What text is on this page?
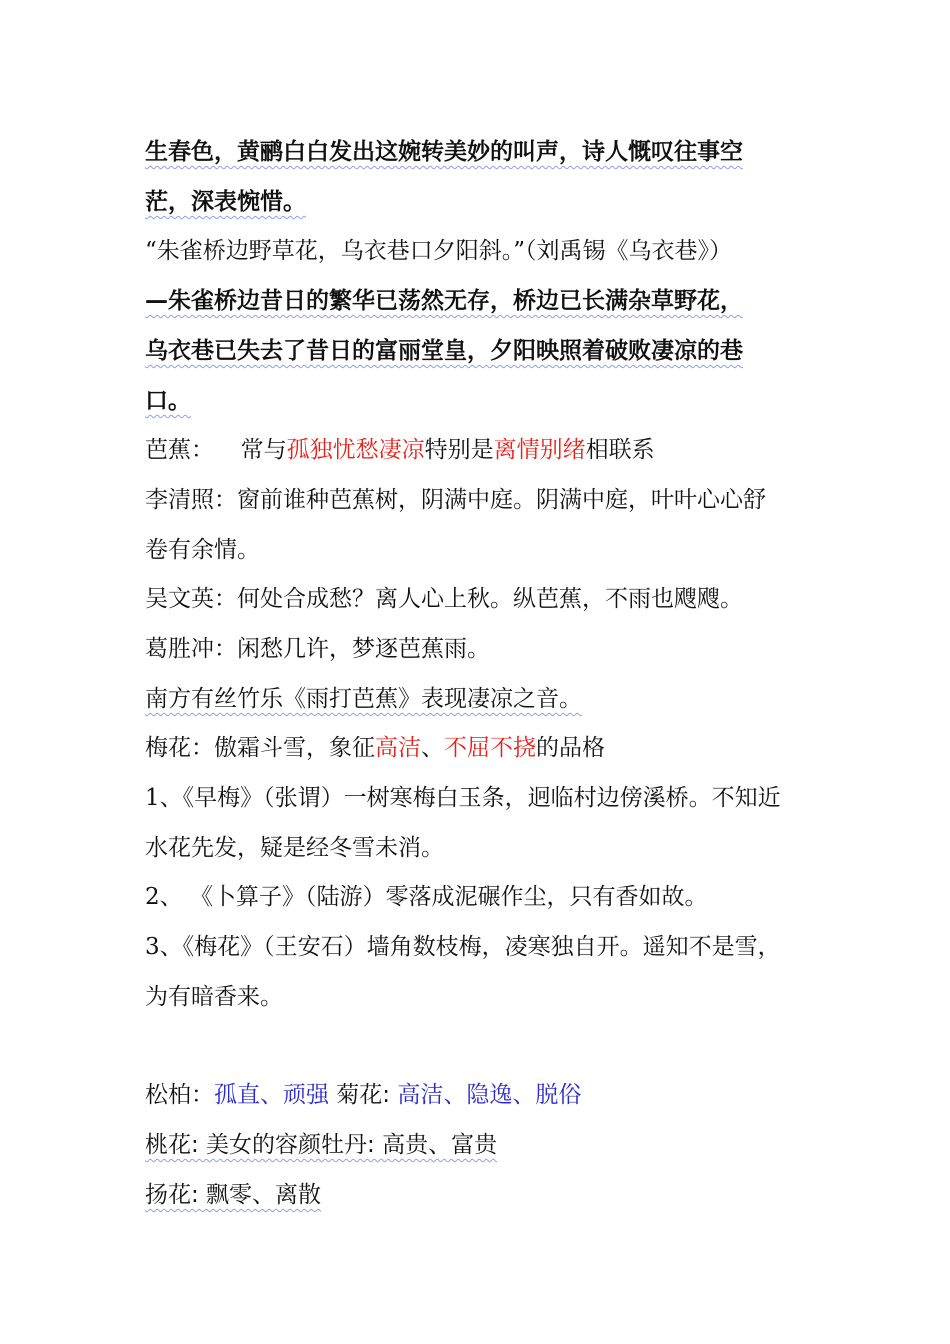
生春色，黄鹂白白发出这婉转美妙的叫声，诗人慨叹往事空
茫，深表惋惜。
“朱雀桥边野草花，乌衣巷口夕阳斜。”（刘禹锡《乌衣巷》）
—朱雀桥边昔日的繁华已荡然无存，桥边已长满杂草野花，
乌衣巷已失去了昔日的富丽堂皇，夕阳映照着破败凄凉的巷
口。
芭蕉： 常与孤独忧愁凄凉特别是离情别绪相联系
李清照：窗前谁种芭蕉树，阴满中庭。阴满中庭，叶叶心心舒
卷有余情。
吴文英：何处合成愁？离人心上秋。纵芭蕉，不雨也飕飕。
葛胜冲：闲愁几许，梦逐芭蕉雨。
南方有丝竹乐《雨打芭蕉》表现凄凉之音。
梅花：傲霜斗雪，象征高洁、不屈不挠的品格
1、《早梅》（张谓）一树寒梅白玉条，迥临村边傍溪桥。不知近
水花先发，疑是经冬雪未消。
2、 《卜算子》（陆游）零落成泥碾作尘，只有香如故。
3、《梅花》（王安石）墙角数枝梅，凌寒独自开。遥知不是雪，
为有暗香来。
松柏：孤直、顽强 菊花: 高洁、隐逸、脱俗
桃花: 美女的容颜牡丹: 高贵、富贵
扬花: 飘零、离散
